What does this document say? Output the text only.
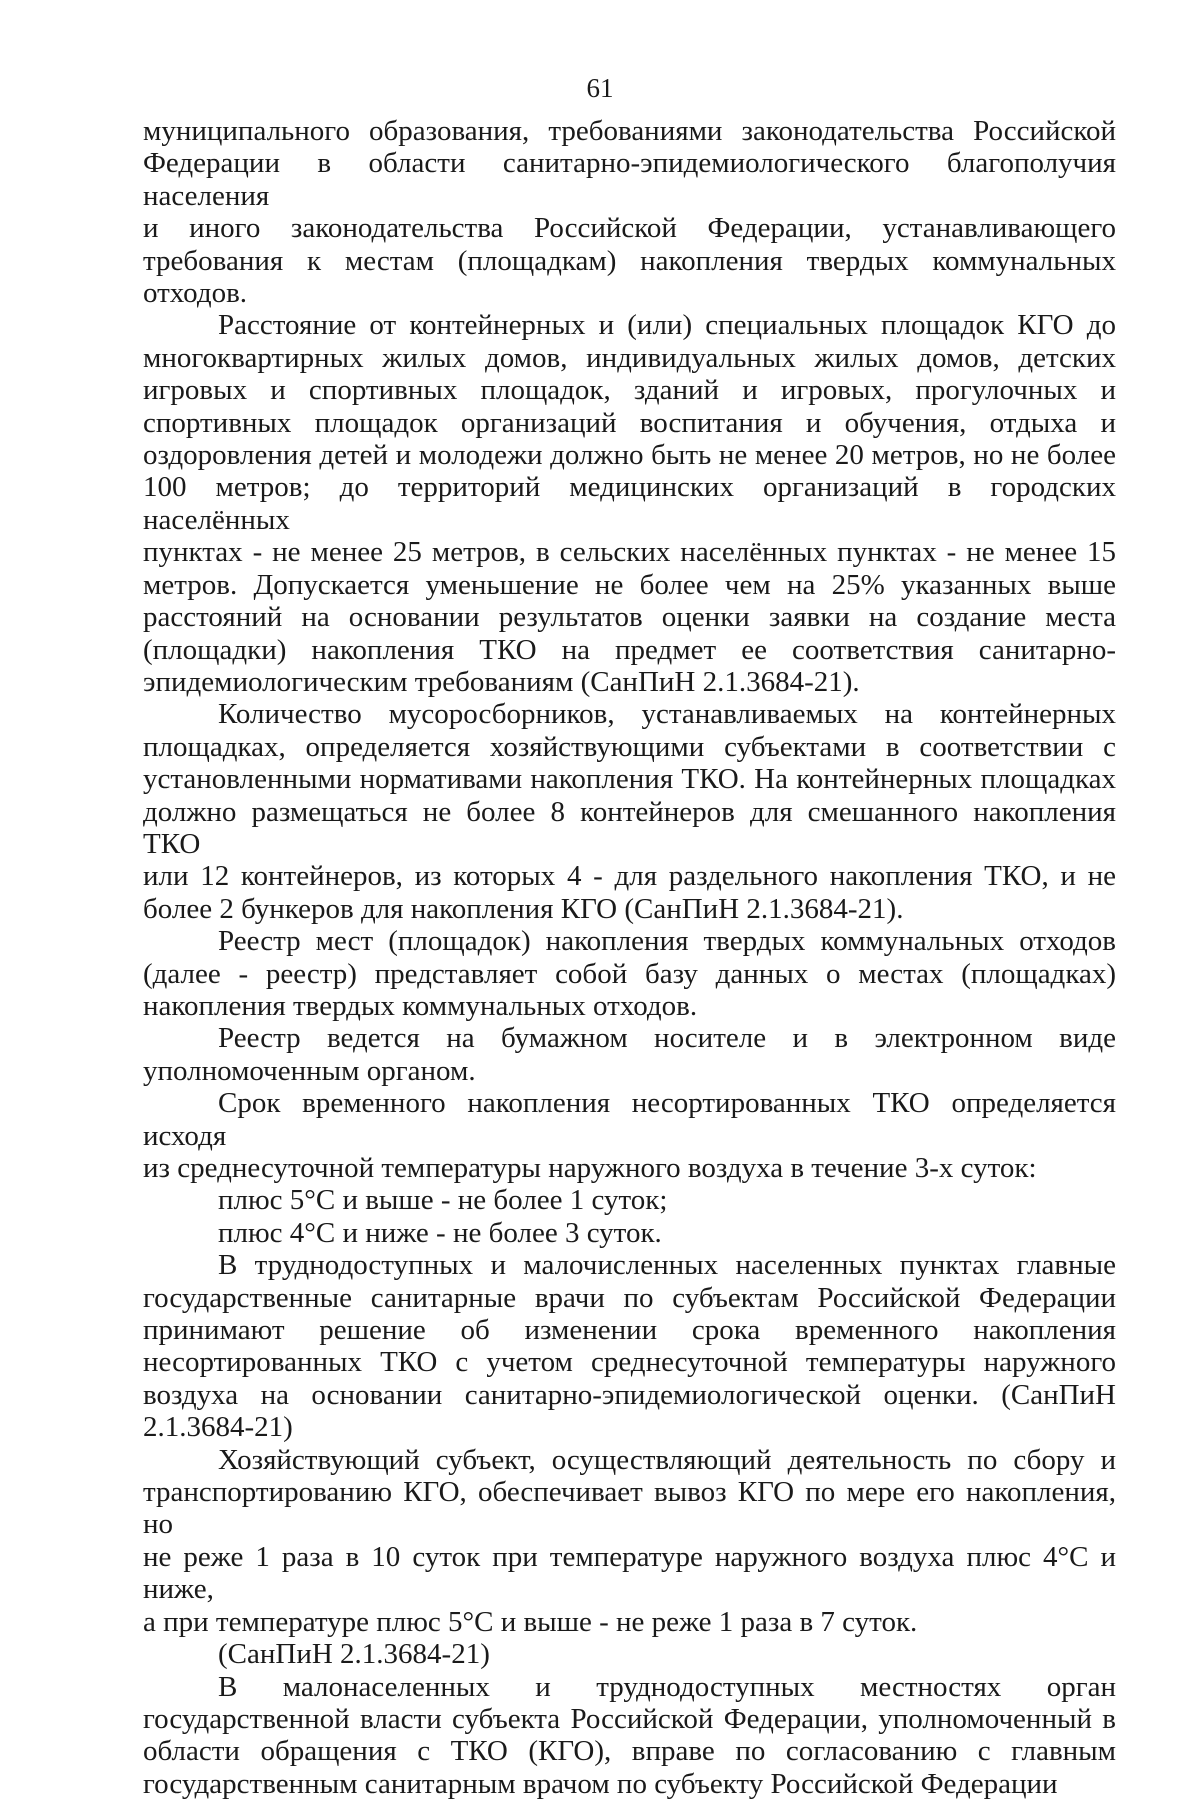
61

муниципального образования, требованиями законодательства Российской
Федерации в области санитарно-эпидемиологического благополучия населения
и иного законодательства Российской Федерации, устанавливающего
требования к местам (площадкам) накопления твердых коммунальных отходов.

Расстояние от контейнерных и (или) специальных площадок КГО до
многоквартирных жилых домов, индивидуальных жилых домов, детских
игровых и спортивных площадок, зданий и игровых, прогулочных и
спортивных площадок организаций воспитания и обучения, отдыха и
оздоровления детей и молодежи должно быть не менее 20 метров, но не более
100 метров; до территорий медицинских организаций в городских населённых
пунктах - не менее 25 метров, в сельских населённых пунктах - не менее 15
метров. Допускается уменьшение не более чем на 25% указанных выше
расстояний на основании результатов оценки заявки на создание места
(площадки) накопления ТКО на предмет ее соответствия санитарно-
эпидемиологическим требованиям (СанПиН 2.1.3684-21).

Количество мусоросборников, устанавливаемых на контейнерных
площадках, определяется хозяйствующими субъектами в соответствии с
установленными нормативами накопления ТКО. На контейнерных площадках
должно размещаться не более 8 контейнеров для смешанного накопления ТКО
или 12 контейнеров, из которых 4 - для раздельного накопления ТКО, и не
более 2 бункеров для накопления КГО (СанПиН 2.1.3684-21).

Реестр мест (площадок) накопления твердых коммунальных отходов
(далее - реестр) представляет собой базу данных о местах (площадках)
накопления твердых коммунальных отходов.

Реестр ведется на бумажном носителе и в электронном виде
уполномоченным органом.

Срок временного накопления несортированных ТКО определяется исходя
из среднесуточной температуры наружного воздуха в течение 3-х суток:

плюс 5°С и выше - не более 1 суток;

плюс 4°С и ниже - не более 3 суток.

В труднодоступных и малочисленных населенных пунктах главные
государственные санитарные врачи по субъектам Российской Федерации
принимают решение об изменении срока временного накопления
несортированных ТКО с учетом среднесуточной температуры наружного
воздуха на основании санитарно-эпидемиологической оценки. (СанПиН
2.1.3684-21)

Хозяйствующий субъект, осуществляющий деятельность по сбору и
транспортированию КГО, обеспечивает вывоз КГО по мере его накопления, но
не реже 1 раза в 10 суток при температуре наружного воздуха плюс 4°С и ниже,
а при температуре плюс 5°С и выше - не реже 1 раза в 7 суток.

(СанПиН 2.1.3684-21)

В малонаселенных и труднодоступных местностях орган
государственной власти субъекта Российской Федерации, уполномоченный в
области обращения с ТКО (КГО), вправе по согласованию с главным
государственным санитарным врачом по субъекту Российской Федерации
